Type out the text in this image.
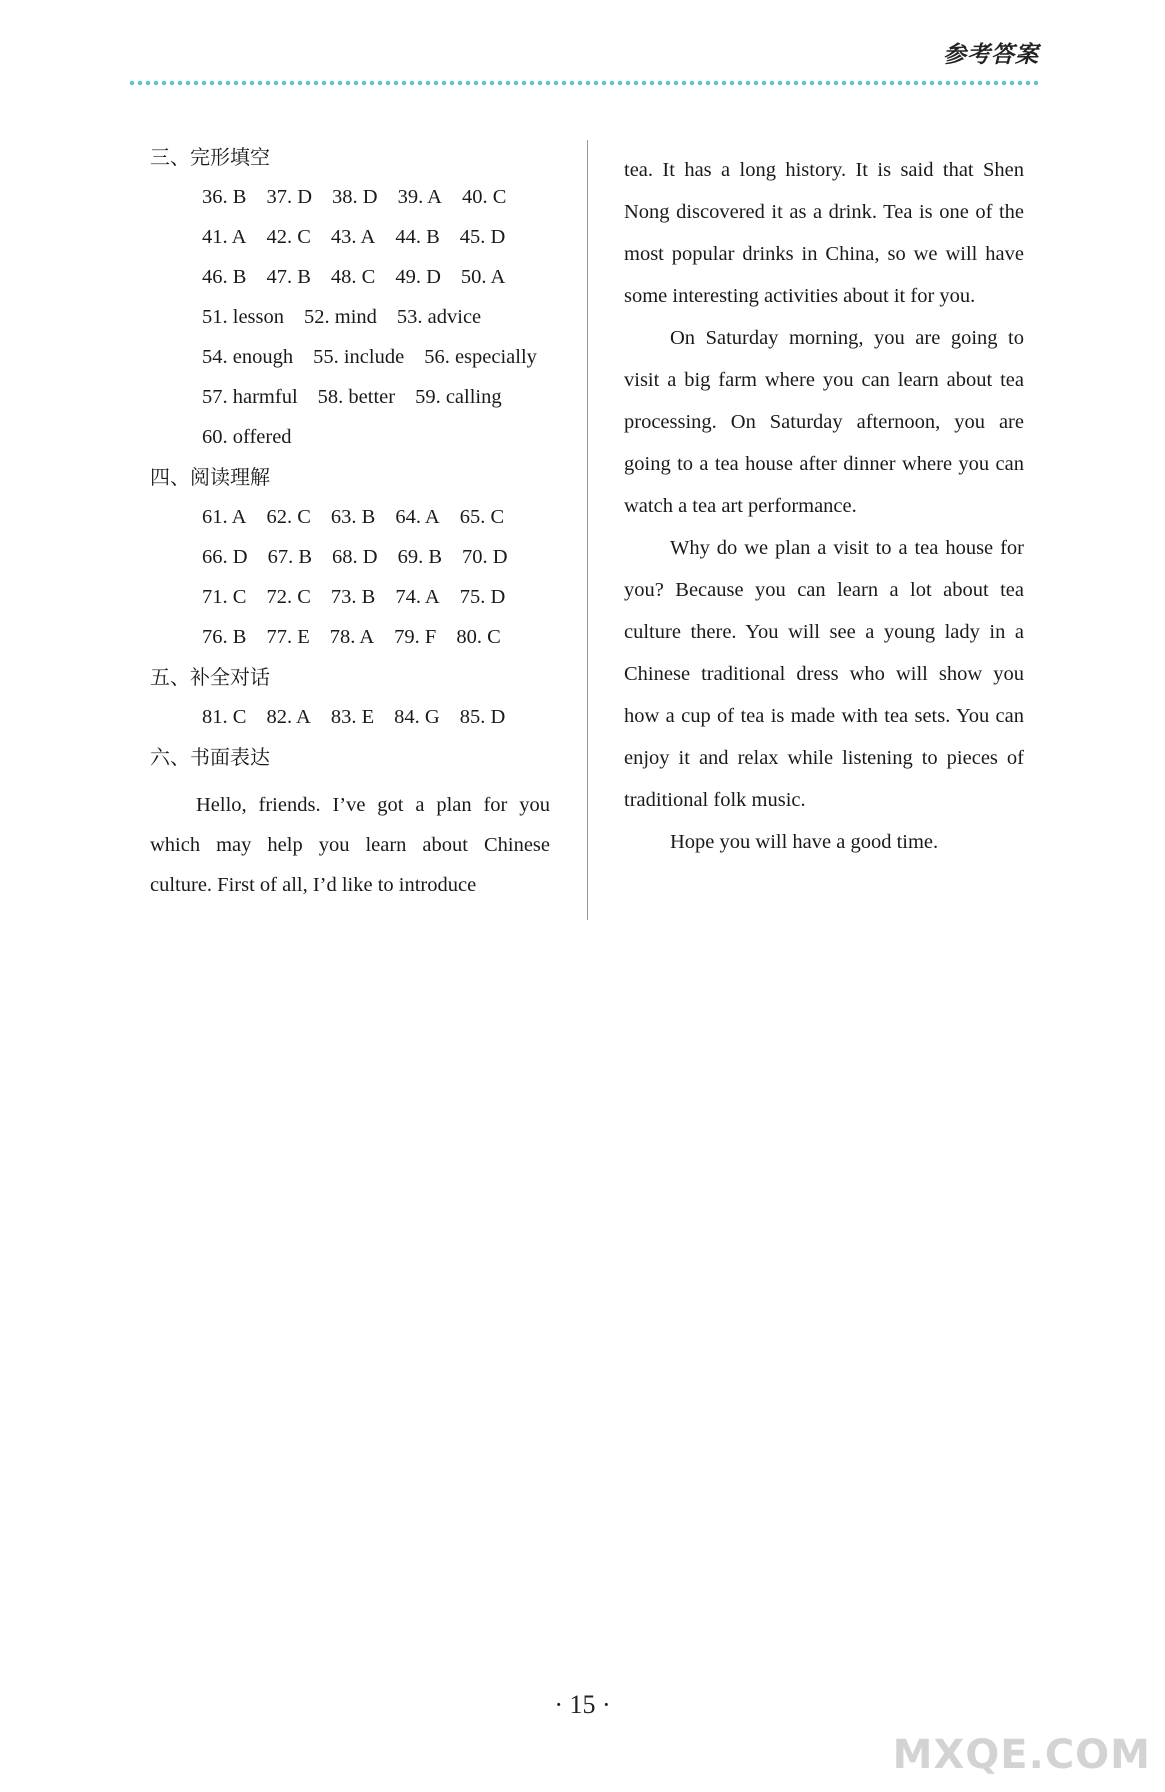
参考答案
三、完形填空
36. B 37. D 38. D 39. A 40. C
41. A 42. C 43. A 44. B 45. D
46. B 47. B 48. C 49. D 50. A
51. lesson 52. mind 53. advice
54. enough 55. include 56. especially
57. harmful 58. better 59. calling
60. offered
四、阅读理解
61. A 62. C 63. B 64. A 65. C
66. D 67. B 68. D 69. B 70. D
71. C 72. C 73. B 74. A 75. D
76. B 77. E 78. A 79. F 80. C
五、补全对话
81. C 82. A 83. E 84. G 85. D
六、书面表达

Hello, friends. I’ve got a plan for you which may help you learn about Chinese culture. First of all, I’d like to introduce

tea. It has a long history. It is said that Shen Nong discovered it as a drink. Tea is one of the most popular drinks in China, so we will have some interesting activities about it for you.

On Saturday morning, you are going to visit a big farm where you can learn about tea processing. On Saturday afternoon, you are going to a tea house after dinner where you can watch a tea art performance.

Why do we plan a visit to a tea house for you? Because you can learn a lot about tea culture there. You will see a young lady in a Chinese traditional dress who will show you how a cup of tea is made with tea sets. You can enjoy it and relax while listening to pieces of traditional folk music.

Hope you will have a good time.

· 15 ·
MXQE.COM
